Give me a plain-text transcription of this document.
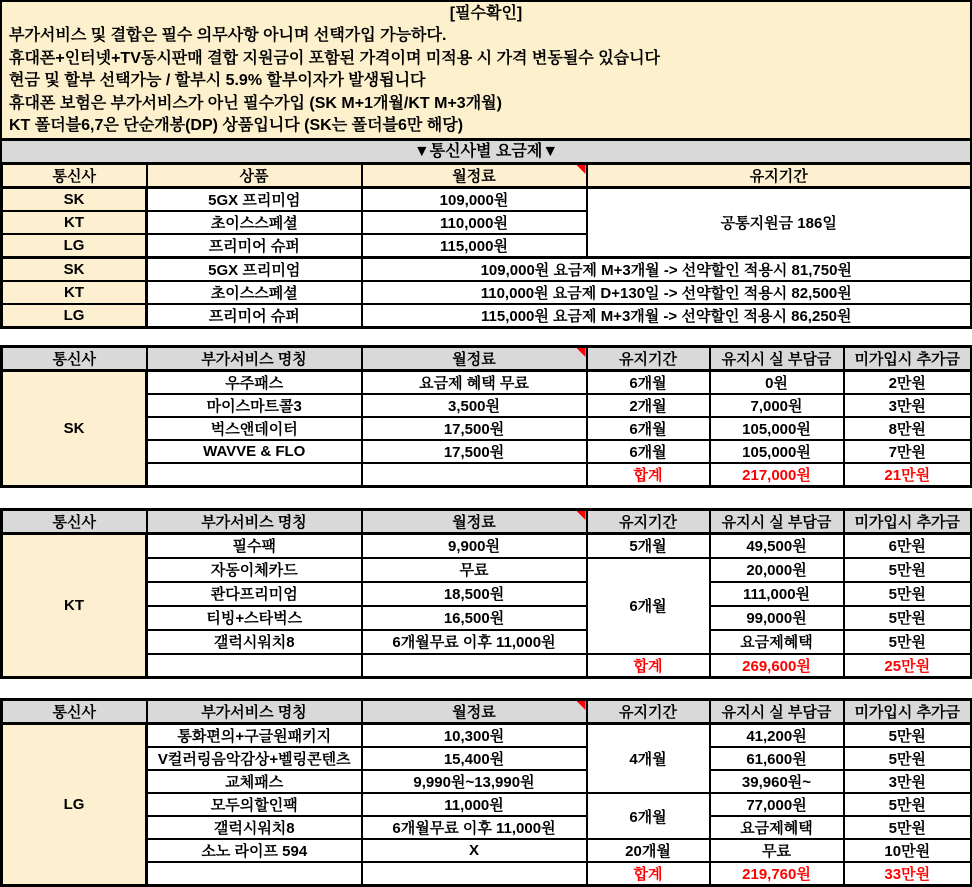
[필수확인]
부가서비스 및 결합은 필수 의무사항 아니며 선택가입 가능하다.
휴대폰+인터넷+TV동시판매 결합 지원금이 포함된 가격이며 미적용 시 가격 변동될수 있습니다
현금 및 할부 선택가능 / 할부시 5.9% 할부이자가 발생됩니다
휴대폰 보험은 부가서비스가 아닌 필수가입 (SK M+1개월/KT M+3개월)
KT 폴더블6,7은 단순개봉(DP) 상품입니다 (SK는 폴더블6만 해당)
▼통신사별 요금제▼
통신사	상품	월정료	유지기간
SK	5GX 프리미엄	109,000원	공통지원금 186일
KT	초이스스페셜	110,000원	
LG	프리미어 슈퍼	115,000원	
SK	5GX 프리미엄	109,000원 요금제 M+3개월 -> 선약할인 적용시 81,750원	
KT	초이스스페셜	110,000원 요금제 D+130일 -> 선약할인 적용시 82,500원	
LG	프리미어 슈퍼	115,000원 요금제 M+3개월 -> 선약할인 적용시 86,250원	
통신사	부가서비스 명칭	월정료	유지기간	유지시 실 부담금	미가입시 추가금
SK	우주패스	요금제 혜택 무료	6개월	0원	2만원
	마이스마트콜3	3,500원	2개월	7,000원	3만원
	벅스앤데이터	17,500원	6개월	105,000원	8만원
	WAVVE & FLO	17,500원	6개월	105,000원	7만원
			합계	217,000원	21만원
통신사	부가서비스 명칭	월정료	유지기간	유지시 실 부담금	미가입시 추가금
KT	필수팩	9,900원	5개월	49,500원	6만원
	자동이체카드	무료	6개월	20,000원	5만원
	콴다프리미엄	18,500원		111,000원	5만원
	티빙+스타벅스	16,500원		99,000원	5만원
	갤럭시워치8	6개월무료 이후 11,000원		요금제혜택	5만원
			합계	269,600원	25만원
통신사	부가서비스 명칭	월정료	유지기간	유지시 실 부담금	미가입시 추가금
LG	통화편의+구글원패키지	10,300원	4개월	41,200원	5만원
	V컬러링음악감상+벨링콘텐츠	15,400원		61,600원	5만원
	교체패스	9,990원~13,990원		39,960원~	3만원
	모두의할인팩	11,000원	6개월	77,000원	5만원
	갤럭시워치8	6개월무료 이후 11,000원		요금제혜택	5만원
	소노 라이프 594	X	20개월	무료	10만원
			합계	219,760원	33만원
